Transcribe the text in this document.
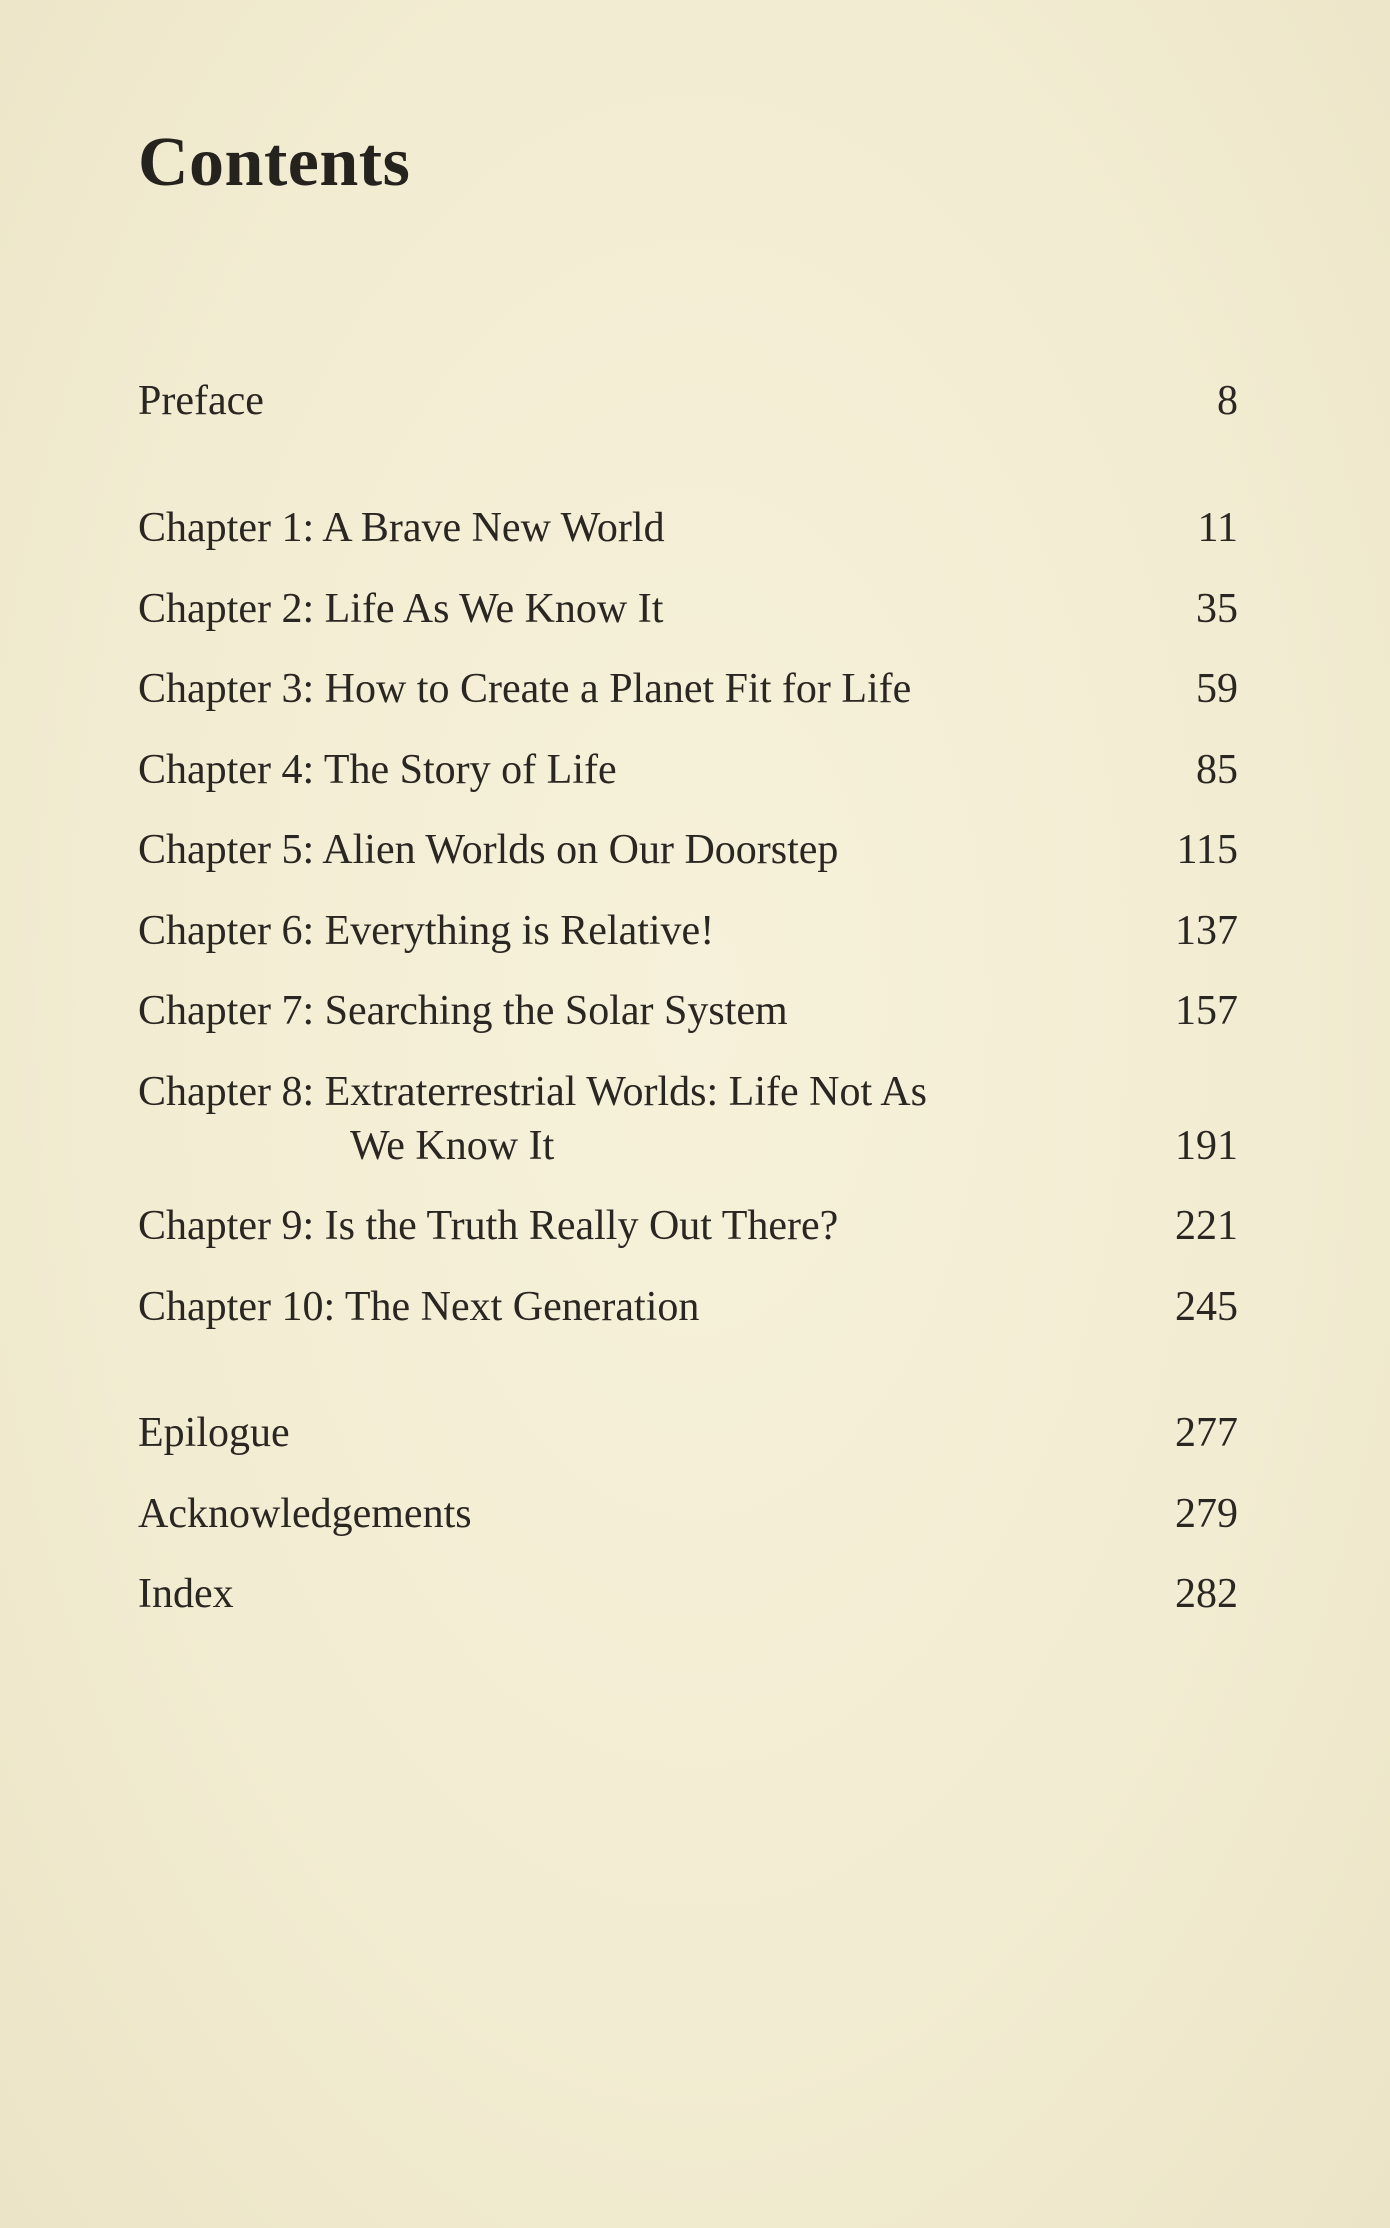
Contents
Preface	8
Chapter 1: A Brave New World	11
Chapter 2: Life As We Know It	35
Chapter 3: How to Create a Planet Fit for Life	59
Chapter 4: The Story of Life	85
Chapter 5: Alien Worlds on Our Doorstep	115
Chapter 6: Everything is Relative!	137
Chapter 7: Searching the Solar System	157
Chapter 8: Extraterrestrial Worlds: Life Not As
We Know It	191
Chapter 9: Is the Truth Really Out There?	221
Chapter 10: The Next Generation	245
Epilogue	277
Acknowledgements	279
Index	282
